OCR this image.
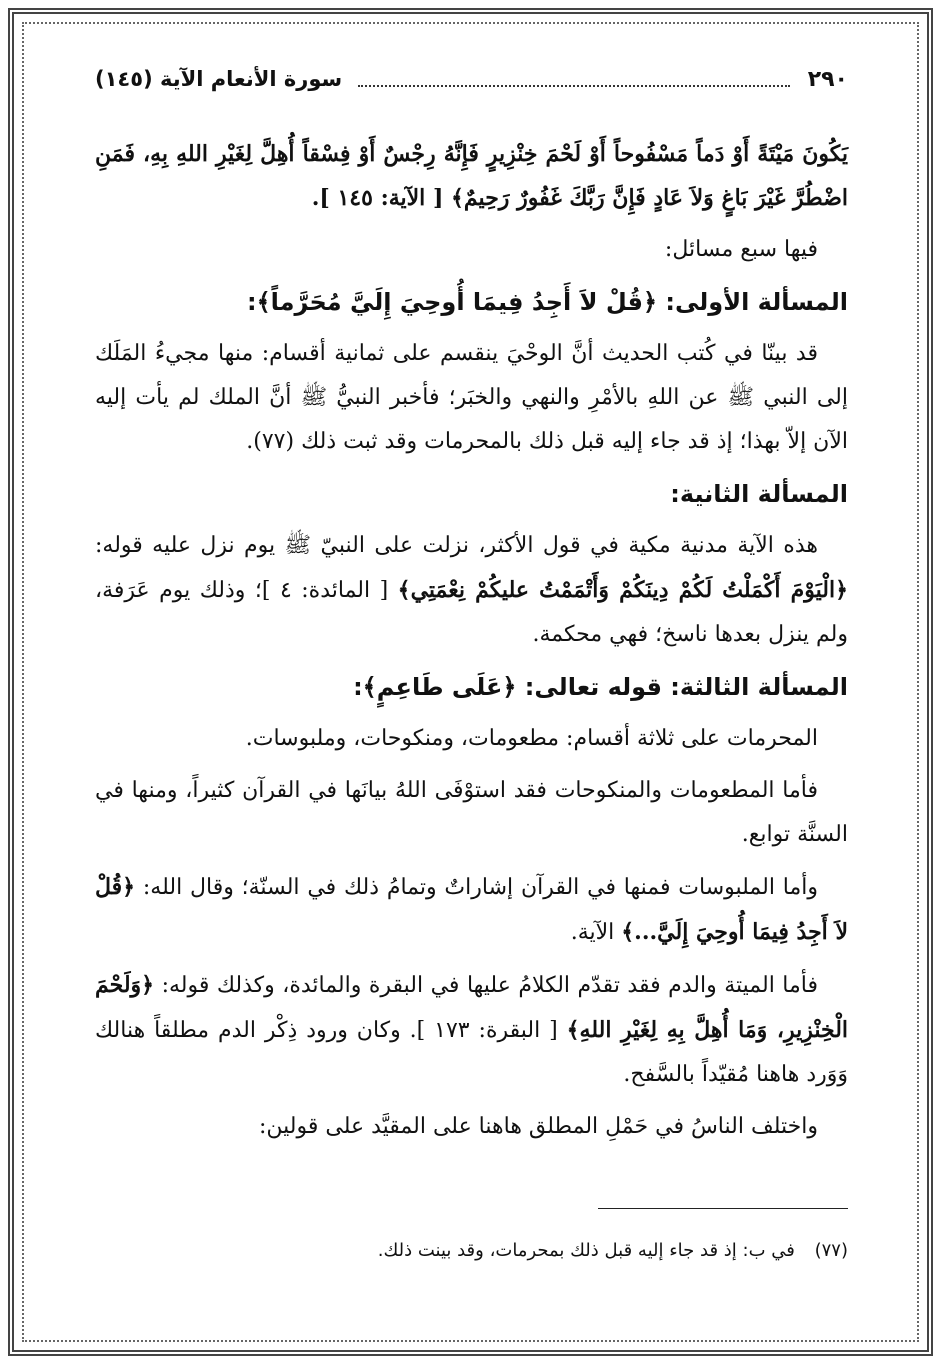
٢٩٠
سورة الأنعام الآية (١٤٥)

يَكُونَ مَيْتَةً أَوْ دَماً مَسْفُوحاً أَوْ لَحْمَ خِنْزِيرٍ فَإِنَّهُ رِجْسٌ أَوْ فِسْقاً أُهِلَّ لِغَيْرِ اللهِ بِهِ، فَمَنِ اضْطُرَّ غَيْرَ بَاغٍ وَلاَ عَادٍ فَإِنَّ رَبَّكَ غَفُورٌ رَحِيمٌ﴾ [ الآية: ١٤٥ ].

فيها سبع مسائل:

المسألة الأولى: ﴿قُلْ لاَ أَجِدُ فِيمَا أُوحِيَ إِلَيَّ مُحَرَّماً﴾:

قد بينّا في كُتب الحديث أنَّ الوحْيَ ينقسم على ثمانية أقسام: منها مجيءُ المَلَك إلى النبي ﷺ عن اللهِ بالأمْرِ والنهي والخبَر؛ فأخبر النبيُّ ﷺ أنَّ الملك لم يأت إليه الآن إلاّ بهذا؛ إذ قد جاء إليه قبل ذلك بالمحرمات وقد ثبت ذلك (٧٧).

المسألة الثانية:

هذه الآية مدنية مكية في قول الأكثر، نزلت على النبيّ ﷺ يوم نزل عليه قوله: ﴿الْيَوْمَ أَكْمَلْتُ لَكُمْ دِينَكُمْ وَأَتْمَمْتُ عليكُمْ نِعْمَتِي﴾ [ المائدة: ٤ ]؛ وذلك يوم عَرَفة، ولم ينزل بعدها ناسخ؛ فهي محكمة.

المسألة الثالثة: قوله تعالى: ﴿عَلَى طَاعِمٍ﴾:

المحرمات على ثلاثة أقسام: مطعومات، ومنكوحات، وملبوسات.

فأما المطعومات والمنكوحات فقد استوْفَى اللهُ بيانَها في القرآن كثيراً، ومنها في السنَّة توابع.

وأما الملبوسات فمنها في القرآن إشاراتٌ وتمامُ ذلك في السنّة؛ وقال الله: ﴿قُلْ لاَ أَجِدُ فِيمَا أُوحِيَ إِلَيَّ...﴾ الآية.

فأما الميتة والدم فقد تقدّم الكلامُ عليها في البقرة والمائدة، وكذلك قوله: ﴿وَلَحْمَ الْخِنْزِيرِ، وَمَا أُهِلَّ بِهِ لِغَيْرِ اللهِ﴾ [ البقرة: ١٧٣ ]. وكان ورود ذِكْر الدم مطلقاً هنالك وَوَرد هاهنا مُقيّداً بالسَّفح.

واختلف الناسُ في حَمْلِ المطلق هاهنا على المقيَّد على قولين:

(٧٧) في ب: إذ قد جاء إليه قبل ذلك بمحرمات، وقد بينت ذلك.
